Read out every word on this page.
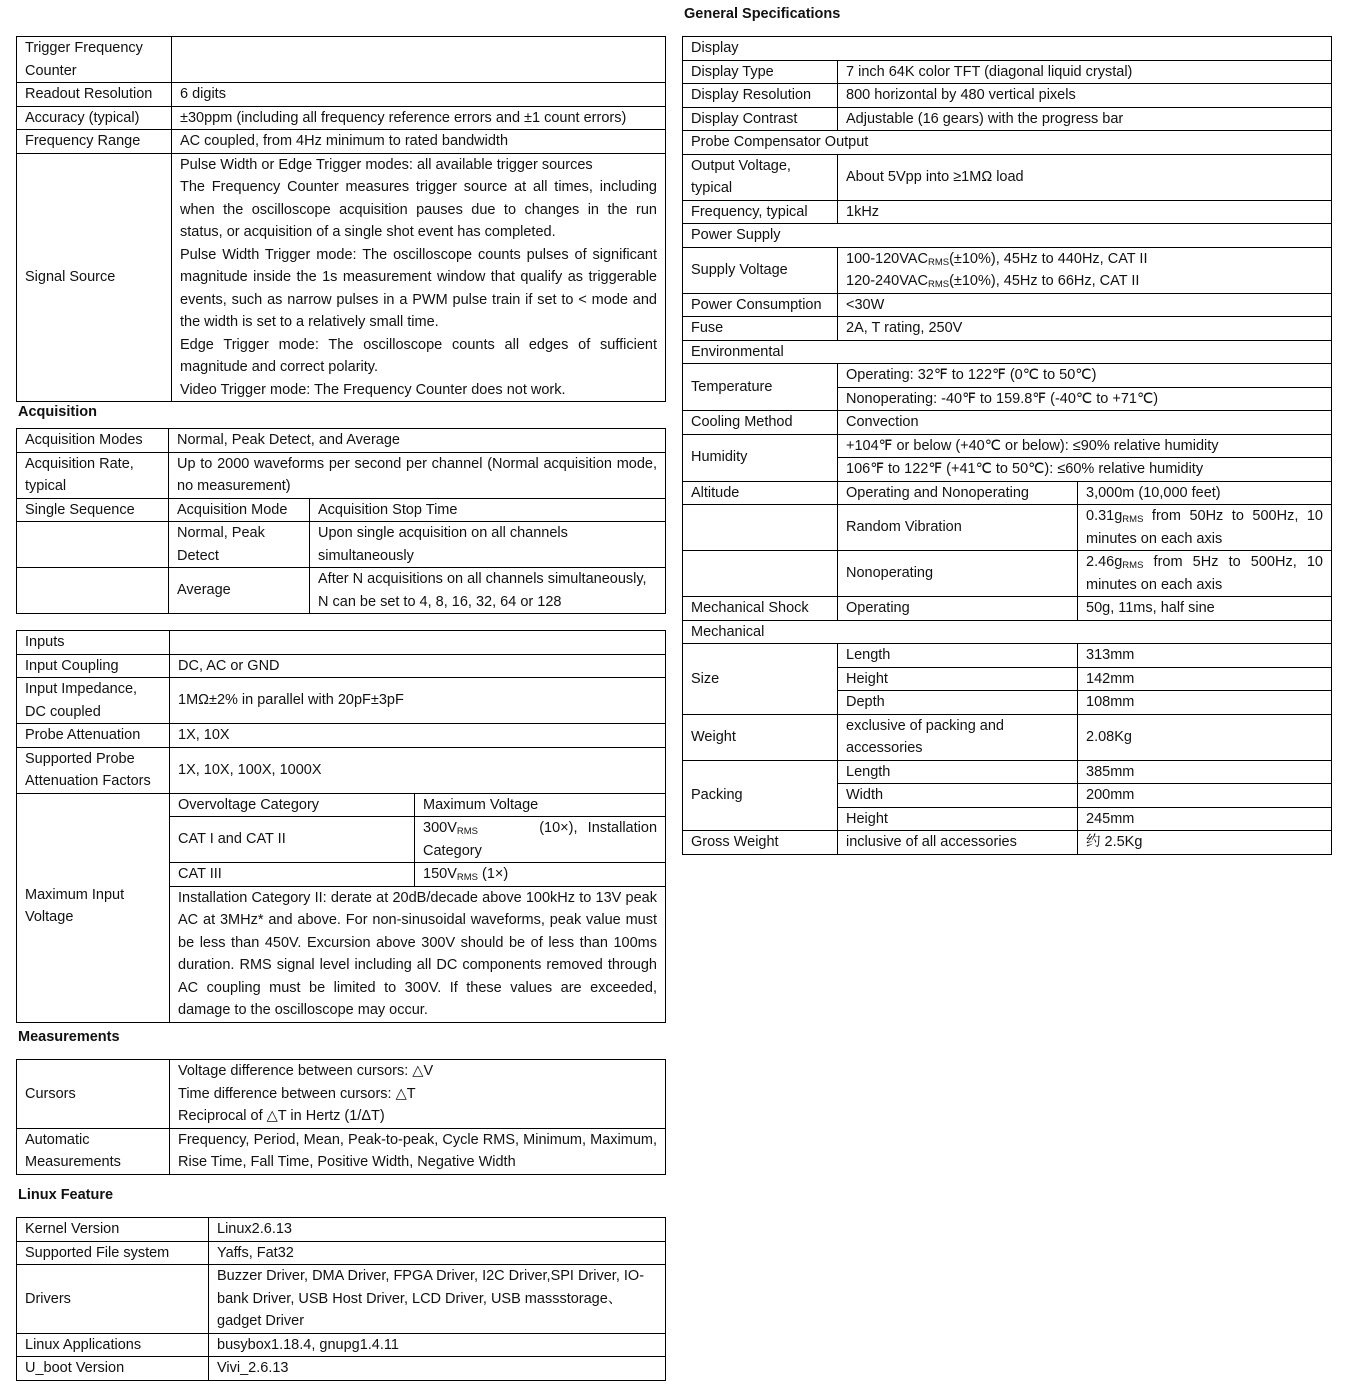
Trigger Frequency Counter	
Readout Resolution	6 digits
Accuracy (typical)	±30ppm (including all frequency reference errors and ±1 count errors)
Frequency Range	AC coupled, from 4Hz minimum to rated bandwidth
Signal Source	Pulse Width or Edge Trigger modes: all available trigger sources
The Frequency Counter measures trigger source at all times, including when the oscilloscope acquisition pauses due to changes in the run status, or acquisition of a single shot event has completed.
Pulse Width Trigger mode: The oscilloscope counts pulses of significant magnitude inside the 1s measurement window that qualify as triggerable events, such as narrow pulses in a PWM pulse train if set to < mode and the width is set to a relatively small time.
Edge Trigger mode: The oscilloscope counts all edges of sufficient magnitude and correct polarity.
Video Trigger mode: The Frequency Counter does not work.
Acquisition
Acquisition Modes	Normal, Peak Detect, and Average	
Acquisition Rate, typical	Up to 2000 waveforms per second per channel (Normal acquisition mode, no measurement)	
Single Sequence	Acquisition Mode	Acquisition Stop Time
	Normal, Peak Detect	Upon single acquisition on all channels simultaneously
	Average	After N acquisitions on all channels simultaneously, N can be set to 4, 8, 16, 32, 64 or 128
Inputs		
Input Coupling	DC, AC or GND	
Input Impedance, DC coupled	1MΩ±2% in parallel with 20pF±3pF	
Probe Attenuation	1X, 10X	
Supported Probe Attenuation Factors	1X, 10X, 100X, 1000X	
Maximum Input Voltage	Overvoltage Category	Maximum Voltage
	CAT I and CAT II	$300V_{RMS}$ (10×), Installation Category
	CAT III	$150V_{RMS}$ (1×)
	Installation Category II: derate at 20dB/decade above 100kHz to 13V peak AC at 3MHz* and above. For non-sinusoidal waveforms, peak value must be less than 450V. Excursion above 300V should be of less than 100ms duration. RMS signal level including all DC components removed through AC coupling must be limited to 300V. If these values are exceeded, damage to the oscilloscope may occur.	
Measurements
Cursors	Voltage difference between cursors: △V
Time difference between cursors: △T
Reciprocal of △T in Hertz (1/ΔT)

Automatic Measurements	Frequency, Period, Mean, Peak-to-peak, Cycle RMS, Minimum, Maximum, Rise Time, Fall Time, Positive Width, Negative Width
Linux Feature
Kernel Version	Linux2.6.13
Supported File system	Yaffs, Fat32
Drivers	Buzzer Driver, DMA Driver, FPGA Driver, I2C Driver,SPI Driver, IO-bank Driver, USB Host Driver, LCD Driver, USB massstorage、gadget Driver
Linux Applications	busybox1.18.4, gnupg1.4.11
U_boot Version	Vivi_2.6.13
General Specifications
Display		
Display Type	7 inch 64K color TFT (diagonal liquid crystal)	
Display Resolution	800 horizontal by 480 vertical pixels	
Display Contrast	Adjustable (16 gears) with the progress bar	
Probe Compensator Output		
Output Voltage, typical	About 5Vpp into ≥1MΩ load	
Frequency, typical	1kHz	
Power Supply		
Supply Voltage	$100-120VAC_{RMS}(\pm 10\%)$, 45Hz to 440Hz, CAT II
$120-240VAC_{RMS}(\pm 10\%)$, 45Hz to 66Hz, CAT II	

Power Consumption	<30W	
Fuse	2A, T rating, 250V	
Environmental		
Temperature	Operating: 32℉ to 122℉ (0℃ to 50℃)	
	Nonoperating: -40℉ to 159.8℉ (-40℃ to +71℃)	
Cooling Method	Convection	
Humidity	+104℉ or below (+40℃ or below): ≤90% relative humidity	
	106℉ to 122℉ (+41℃ to 50℃): ≤60% relative humidity	
Altitude	Operating and Nonoperating	3,000m (10,000 feet)
	Random Vibration	$0.31g_{RMS}$ from 50Hz to 500Hz, 10 minutes on each axis
	Nonoperating	$2.46g_{RMS}$ from 5Hz to 500Hz, 10 minutes on each axis
Mechanical Shock	Operating	50g, 11ms, half sine
Mechanical		
Size	Length	313mm
	Height	142mm
	Depth	108mm
Weight	exclusive of packing and accessories	2.08Kg
Packing	Length	385mm
	Width	200mm
	Height	245mm
Gross Weight	inclusive of all accessories	约 2.5Kg
